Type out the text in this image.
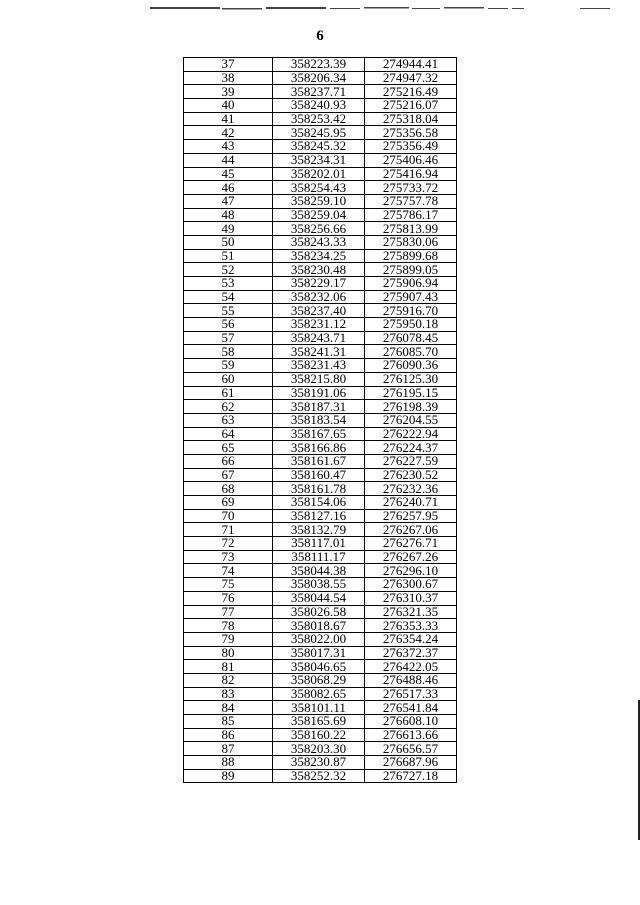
6
37	358223.39	274944.41
38	358206.34	274947.32
39	358237.71	275216.49
40	358240.93	275216.07
41	358253.42	275318.04
42	358245.95	275356.58
43	358245.32	275356.49
44	358234.31	275406.46
45	358202.01	275416.94
46	358254.43	275733.72
47	358259.10	275757.78
48	358259.04	275786.17
49	358256.66	275813.99
50	358243.33	275830.06
51	358234.25	275899.68
52	358230.48	275899.05
53	358229.17	275906.94
54	358232.06	275907.43
55	358237.40	275916.70
56	358231.12	275950.18
57	358243.71	276078.45
58	358241.31	276085.70
59	358231.43	276090.36
60	358215.80	276125.30
61	358191.06	276195.15
62	358187.31	276198.39
63	358183.54	276204.55
64	358167.65	276222.94
65	358166.86	276224.37
66	358161.67	276227.59
67	358160.47	276230.52
68	358161.78	276232.36
69	358154.06	276240.71
70	358127.16	276257.95
71	358132.79	276267.06
72	358117.01	276276.71
73	358111.17	276267.26
74	358044.38	276296.10
75	358038.55	276300.67
76	358044.54	276310.37
77	358026.58	276321.35
78	358018.67	276353.33
79	358022.00	276354.24
80	358017.31	276372.37
81	358046.65	276422.05
82	358068.29	276488.46
83	358082.65	276517.33
84	358101.11	276541.84
85	358165.69	276608.10
86	358160.22	276613.66
87	358203.30	276656.57
88	358230.87	276687.96
89	358252.32	276727.18
